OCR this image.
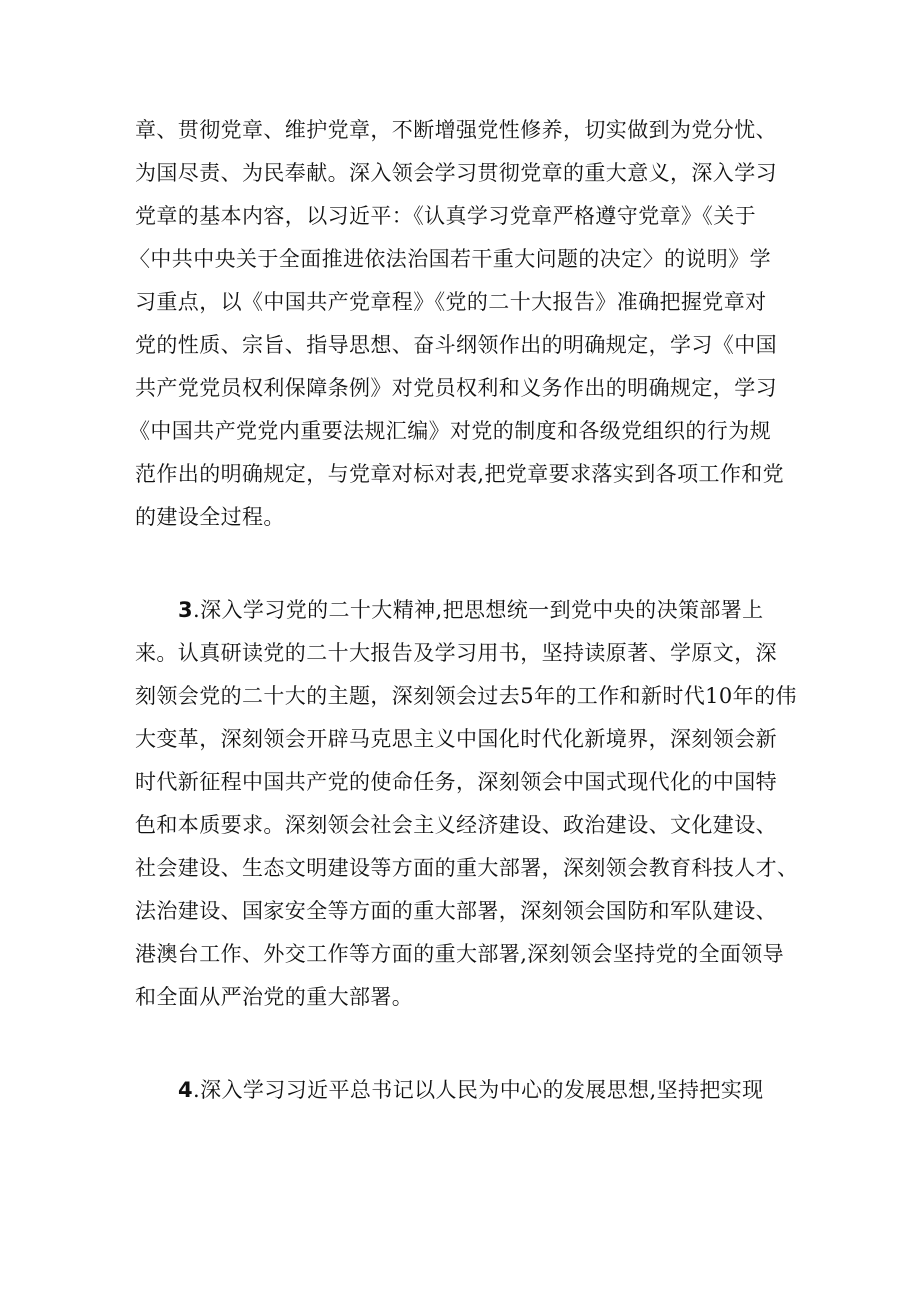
章、贯彻党章、维护党章，不断增强党性修养，切实做到为党分忧、
为国尽责、为民奉献。深入领会学习贯彻党章的重大意义，深入学习
党章的基本内容，以习近平：《认真学习党章严格遵守党章》《关于
〈中共中央关于全面推进依法治国若干重大问题的决定〉的说明》学
习重点，以《中国共产党章程》《党的二十大报告》准确把握党章对
党的性质、宗旨、指导思想、奋斗纲领作出的明确规定，学习《中国
共产党党员权利保障条例》对党员权利和义务作出的明确规定，学习
《中国共产党党内重要法规汇编》对党的制度和各级党组织的行为规
范作出的明确规定，与党章对标对表,把党章要求落实到各项工作和党
的建设全过程。
3.深入学习党的二十大精神,把思想统一到党中央的决策部署上
来。认真研读党的二十大报告及学习用书，坚持读原著、学原文，深
刻领会党的二十大的主题，深刻领会过去5年的工作和新时代10年的伟
大变革，深刻领会开辟马克思主义中国化时代化新境界，深刻领会新
时代新征程中国共产党的使命任务，深刻领会中国式现代化的中国特
色和本质要求。深刻领会社会主义经济建设、政治建设、文化建设、
社会建设、生态文明建设等方面的重大部署，深刻领会教育科技人才、
法治建设、国家安全等方面的重大部署，深刻领会国防和军队建设、
港澳台工作、外交工作等方面的重大部署,深刻领会坚持党的全面领导
和全面从严治党的重大部署。
4.深入学习习近平总书记以人民为中心的发展思想,坚持把实现
